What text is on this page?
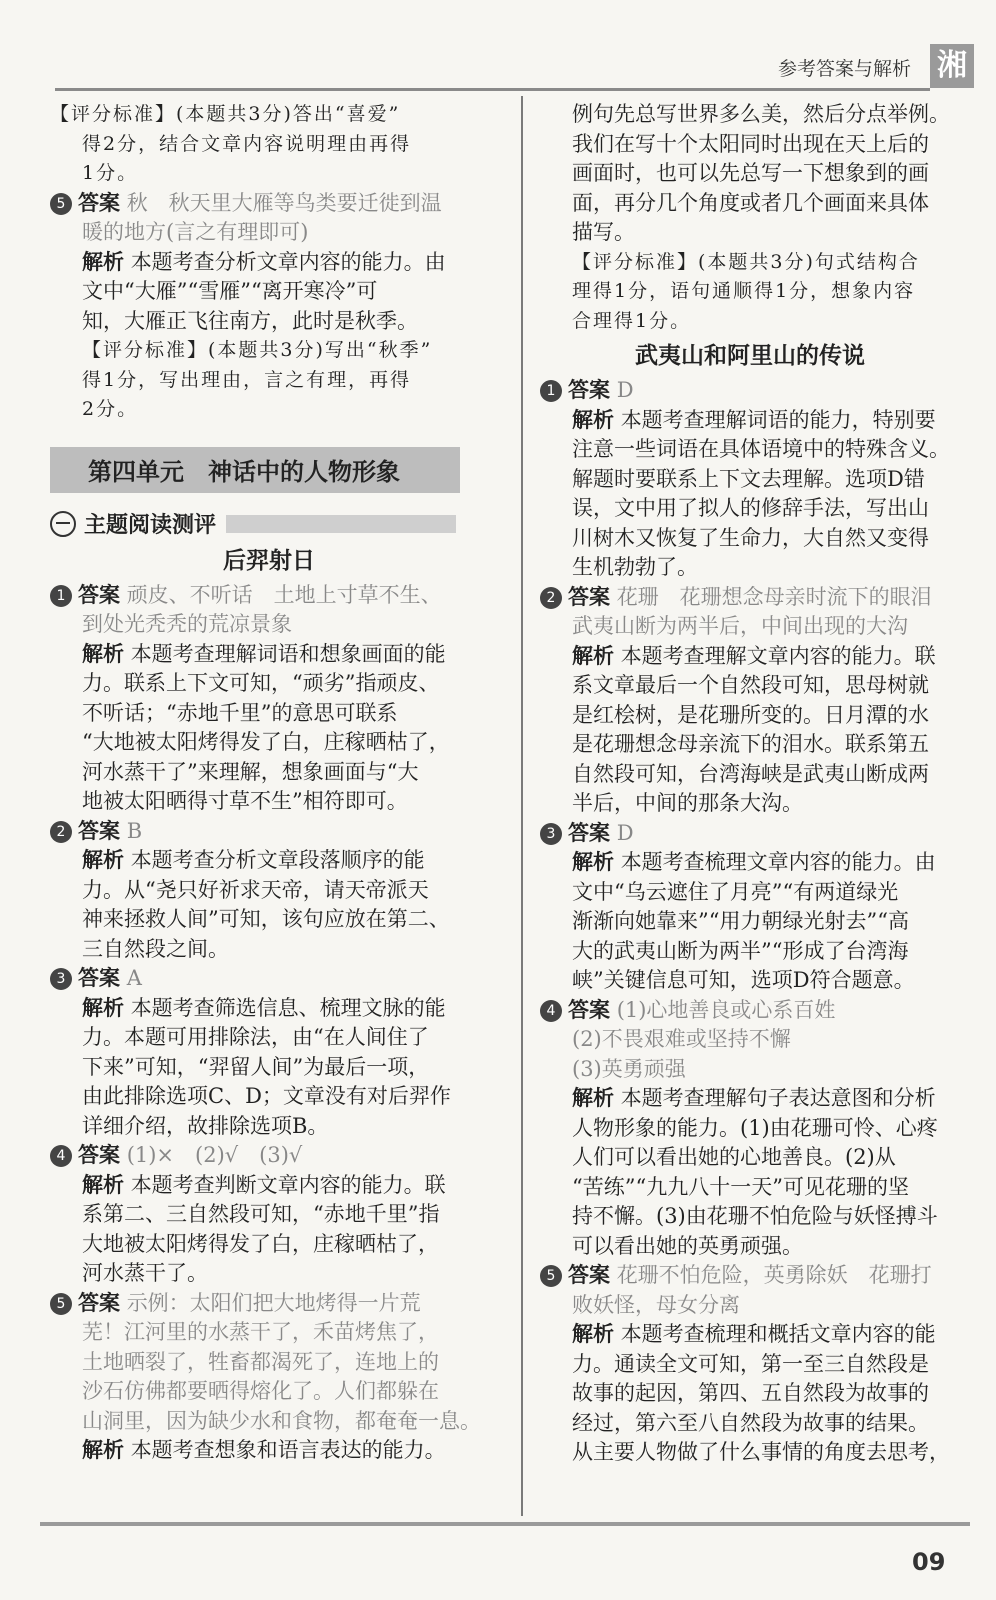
参考答案与解析 湘
【评分标准】(本题共3分)答出“喜爱”
得2分，结合文章内容说明理由再得
1分。
5 答案 秋　秋天里大雁等鸟类要迁徙到温
暖的地方(言之有理即可)
解析 本题考查分析文章内容的能力。由
文中“大雁”“雪雁”“离开寒冷”可
知，大雁正飞往南方，此时是秋季。
【评分标准】(本题共3分)写出“秋季”
得1分，写出理由，言之有理，再得
2分。
第四单元　神话中的人物形象
主题阅读测评
后羿射日
1 答案 顽皮、不听话　土地上寸草不生、
到处光秃秃的荒凉景象
解析 本题考查理解词语和想象画面的能
力。联系上下文可知，“顽劣”指顽皮、
不听话；“赤地千里”的意思可联系
“大地被太阳烤得发了白，庄稼晒枯了，
河水蒸干了”来理解，想象画面与“大
地被太阳晒得寸草不生”相符即可。
2 答案 B
解析 本题考查分析文章段落顺序的能
力。从“尧只好祈求天帝，请天帝派天
神来拯救人间”可知，该句应放在第二、
三自然段之间。
3 答案 A
解析 本题考查筛选信息、梳理文脉的能
力。本题可用排除法，由“在人间住了
下来”可知，“羿留人间”为最后一项，
由此排除选项C、D；文章没有对后羿作
详细介绍，故排除选项B。
4 答案 (1)×　(2)√　(3)√
解析 本题考查判断文章内容的能力。联
系第二、三自然段可知，“赤地千里”指
大地被太阳烤得发了白，庄稼晒枯了，
河水蒸干了。
5 答案 示例：太阳们把大地烤得一片荒
芜！江河里的水蒸干了，禾苗烤焦了，
土地晒裂了，牲畜都渴死了，连地上的
沙石仿佛都要晒得熔化了。人们都躲在
山洞里，因为缺少水和食物，都奄奄一息。
解析 本题考查想象和语言表达的能力。
例句先总写世界多么美，然后分点举例。
我们在写十个太阳同时出现在天上后的
画面时，也可以先总写一下想象到的画
面，再分几个角度或者几个画面来具体
描写。
【评分标准】(本题共3分)句式结构合
理得1分，语句通顺得1分，想象内容
合理得1分。
武夷山和阿里山的传说
1 答案 D
解析 本题考查理解词语的能力，特别要
注意一些词语在具体语境中的特殊含义。
解题时要联系上下文去理解。选项D错
误，文中用了拟人的修辞手法，写出山
川树木又恢复了生命力，大自然又变得
生机勃勃了。
2 答案 花珊　花珊想念母亲时流下的眼泪
武夷山断为两半后，中间出现的大沟
解析 本题考查理解文章内容的能力。联
系文章最后一个自然段可知，思母树就
是红桧树，是花珊所变的。日月潭的水
是花珊想念母亲流下的泪水。联系第五
自然段可知，台湾海峡是武夷山断成两
半后，中间的那条大沟。
3 答案 D
解析 本题考查梳理文章内容的能力。由
文中“乌云遮住了月亮”“有两道绿光
渐渐向她靠来”“用力朝绿光射去”“高
大的武夷山断为两半”“形成了台湾海
峡”关键信息可知，选项D符合题意。
4 答案 (1)心地善良或心系百姓
(2)不畏艰难或坚持不懈
(3)英勇顽强
解析 本题考查理解句子表达意图和分析
人物形象的能力。(1)由花珊可怜、心疼
人们可以看出她的心地善良。(2)从
“苦练”“九九八十一天”可见花珊的坚
持不懈。(3)由花珊不怕危险与妖怪搏斗
可以看出她的英勇顽强。
5 答案 花珊不怕危险，英勇除妖　花珊打
败妖怪，母女分离
解析 本题考查梳理和概括文章内容的能
力。通读全文可知，第一至三自然段是
故事的起因，第四、五自然段为故事的
经过，第六至八自然段为故事的结果。
从主要人物做了什么事情的角度去思考，
09
